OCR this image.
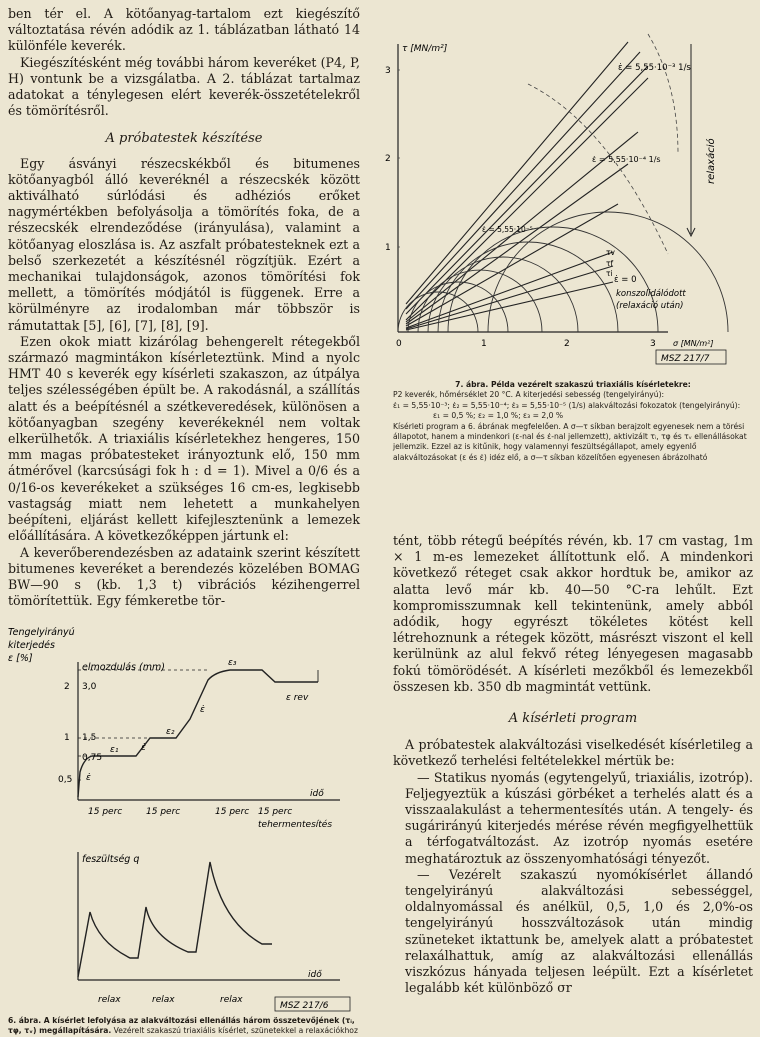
ben tér el. A kötőanyag-tartalom ezt kiegészítő változtatása révén adódik az 1. táblázatban látható 14 különféle keverék.

Kiegészítésként még további három keveréket (P4, P, H) vontunk be a vizsgálatba. A 2. táblázat tartalmaz adatokat a ténylegesen elért keverék-összetételekről és tömörítésről.

A próbatestek készítése

Egy ásványi részecskékből és bitumenes kötőanyagból álló keveréknél a részecskék között aktiválható súrlódási és adhéziós erőket nagymértékben befolyásolja a tömörítés foka, de a részecskék elrendeződése (irányulása), valamint a kötőanyag eloszlása is. Az aszfalt próbatesteknek ezt a belső szerkezetét a készítésnél rögzítjük. Ezért a mechanikai tulajdonságok, azonos tömörítési fok mellett, a tömörítés módjától is függenek. Erre a körülményre az irodalomban már többször is rámutattak [5], [6], [7], [8], [9].

Ezen okok miatt kizárólag behengerelt rétegekből származó magmintákon kísérleteztünk. Mind a nyolc HMT 40 s keverék egy kísérleti szakaszon, az útpálya teljes szélességében épült be. A rakodásnál, a szállítás alatt és a beépítésnél a szétkeveredések, különösen a kötőanyagban szegény keverékeknél nem voltak elkerülhetők. A triaxiális kísérletekhez hengeres, 150 mm magas próbatesteket irányoztunk elő, 150 mm átmérővel (karcsúsági fok h : d = 1). Mivel a 0/6 és a 0/16-os keverékeket a szükséges 16 cm-es, legkisebb vastagság miatt nem lehetett a munkahelyen beépíteni, eljárást kellett kifejlesztenünk a lemezek előállítására. A következőképpen jártunk el:

A keverőberendezésben az adataink szerint készített bitumenes keveréket a berendezés közelében BOMAG BW—90 s (kb. 1,3 t) vibrációs kézihengerrel tömörítettük. Egy fémkeretbe tör-

Tengelyirányú
kiterjedés
ε [%]
elmozdulás (mm)
2 3,0
1 1,5
0,5
0,75
ε₁
ε₂
ε₃
ε̇
ε̇
ε̇
ε rev
idő
15 perc	15 perc	15 perc 15 perc
tehermentesítés
feszültség q
idő
relax	relax	relax
MSZ 217/6
6. ábra. A kísérlet lefolyása az alakváltozási ellenállás három összetevőjének (τᵢ, τφ, τᵥ) megállapítására. Vezérelt szakaszú triaxiális kísérlet, szünetekkel a relaxációkhoz
τ [MN/m²]
3
2
1
0	1	2	3 σ [MN/m²]
ε̇ = 5,55·10⁻³ 1/s
ε̇ = 5,55·10⁻⁴ 1/s
ε̇ = 5,55·10⁻⁵
relaxáció
ε̇ = 0
konszolidálódott
(relaxáció után)
τf
τv
τi
MSZ 217/7
7. ábra. Példa vezérelt szakaszú triaxiális kísérletekre:
P2 keverék, hőmérséklet 20 °C. A kiterjedési sebesség (tengelyirányú):
ε̇₁ = 5,55·10⁻³; ε̇₂ = 5,55·10⁻⁴; ε̇₃ = 5,55·10⁻⁵ (1/s) alakváltozási fokozatok (tengelyirányú):
ε₁ = 0,5 %; ε₂ = 1,0 %; ε₃ = 2,0 %
Kísérleti program a 6. ábrának megfelelően. A σ—τ síkban berajzolt egyenesek nem a törési állapotot, hanem a mindenkori (ε-nal és ε̇-nal jellemzett), aktivizált τᵢ, τφ és τᵥ ellenállásokat jellemzik. Ezzel az is kitűnik, hogy valamennyi feszültségállapot, amely egyenlő alakváltozásokat (ε és ε̇) idéz elő, a σ—τ síkban közelítően egyenesen ábrázolható

tént, több rétegű beépítés révén, kb. 17 cm vastag, 1m × 1 m-es lemezeket állítottunk elő. A mindenkori következő réteget csak akkor hordtuk be, amikor az alatta levő már kb. 40—50 °C-ra lehűlt. Ezt kompromisszumnak kell tekintenünk, amely abból adódik, hogy egyrészt tökéletes kötést kell létrehoznunk a rétegek között, másrészt viszont el kell kerülnünk az alul fekvő réteg lényegesen magasabb fokú tömörödését. A kísérleti mezőkből és lemezekből összesen kb. 350 db magmintát vettünk.

A kísérleti program

A próbatestek alakváltozási viselkedését kísérletileg a következő terhelési feltételekkel mértük be:

— Statikus nyomás (egytengelyű, triaxiális, izotróp). Feljegyeztük a kúszási görbéket a terhelés alatt és a visszaalakulást a tehermentesítés után. A tengely- és sugárirányú kiterjedés mérése révén megfigyelhettük a térfogatváltozást. Az izotróp nyomás esetére meghatároztuk az összenyomhatósági tényezőt.

— Vezérelt szakaszú nyomókísérlet állandó tengelyirányú alakváltozási sebességgel, oldalnyomással és anélkül, 0,5, 1,0 és 2,0%-os tengelyirányú hosszváltozások után mindig szüneteket iktattunk be, amelyek alatt a próbatestet relaxálhattuk, amíg az alakváltozási ellenállás viszkózus hányada teljesen leépült. Ezt a kísérletet legalább két különböző σr
